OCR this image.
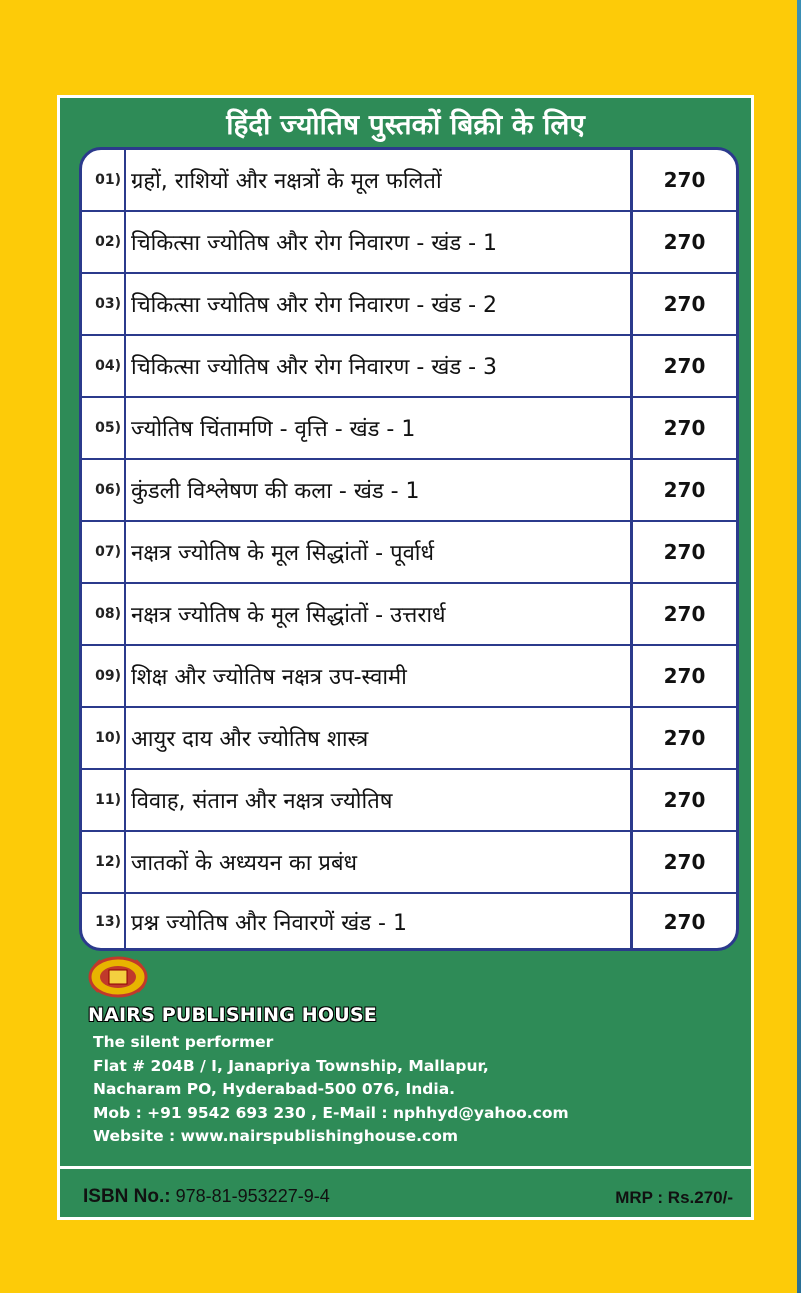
हिंदी ज्योतिष पुस्तकों बिक्री के लिए
01) ग्रहों, राशियों और नक्षत्रों के मूल फलितों	270
02) चिकित्सा ज्योतिष और रोग निवारण - खंड - 1	270
03) चिकित्सा ज्योतिष और रोग निवारण - खंड - 2	270
04) चिकित्सा ज्योतिष और रोग निवारण - खंड - 3	270
05) ज्योतिष चिंतामणि - वृत्ति - खंड - 1	270
06) कुंडली विश्लेषण की कला - खंड - 1	270
07) नक्षत्र ज्योतिष के मूल सिद्धांतों - पूर्वार्ध	270
08) नक्षत्र ज्योतिष के मूल सिद्धांतों - उत्तरार्ध	270
09) शिक्ष और ज्योतिष नक्षत्र उप-स्वामी	270
10) आयुर दाय और ज्योतिष शास्त्र	270
11) विवाह, संतान और नक्षत्र ज्योतिष	270
12) जातकों के अध्ययन का प्रबंध	270
13) प्रश्न ज्योतिष और निवारणें खंड - 1	270
NAIRS PUBLISHING HOUSE
The silent performer
Flat # 204B / I, Janapriya Township, Mallapur,
Nacharam PO, Hyderabad-500 076, India.
Mob : +91 9542 693 230 , E-Mail : nphhyd@yahoo.com
Website : www.nairspublishinghouse.com
ISBN No.: 978-81-953227-9-4	MRP : Rs.270/-
